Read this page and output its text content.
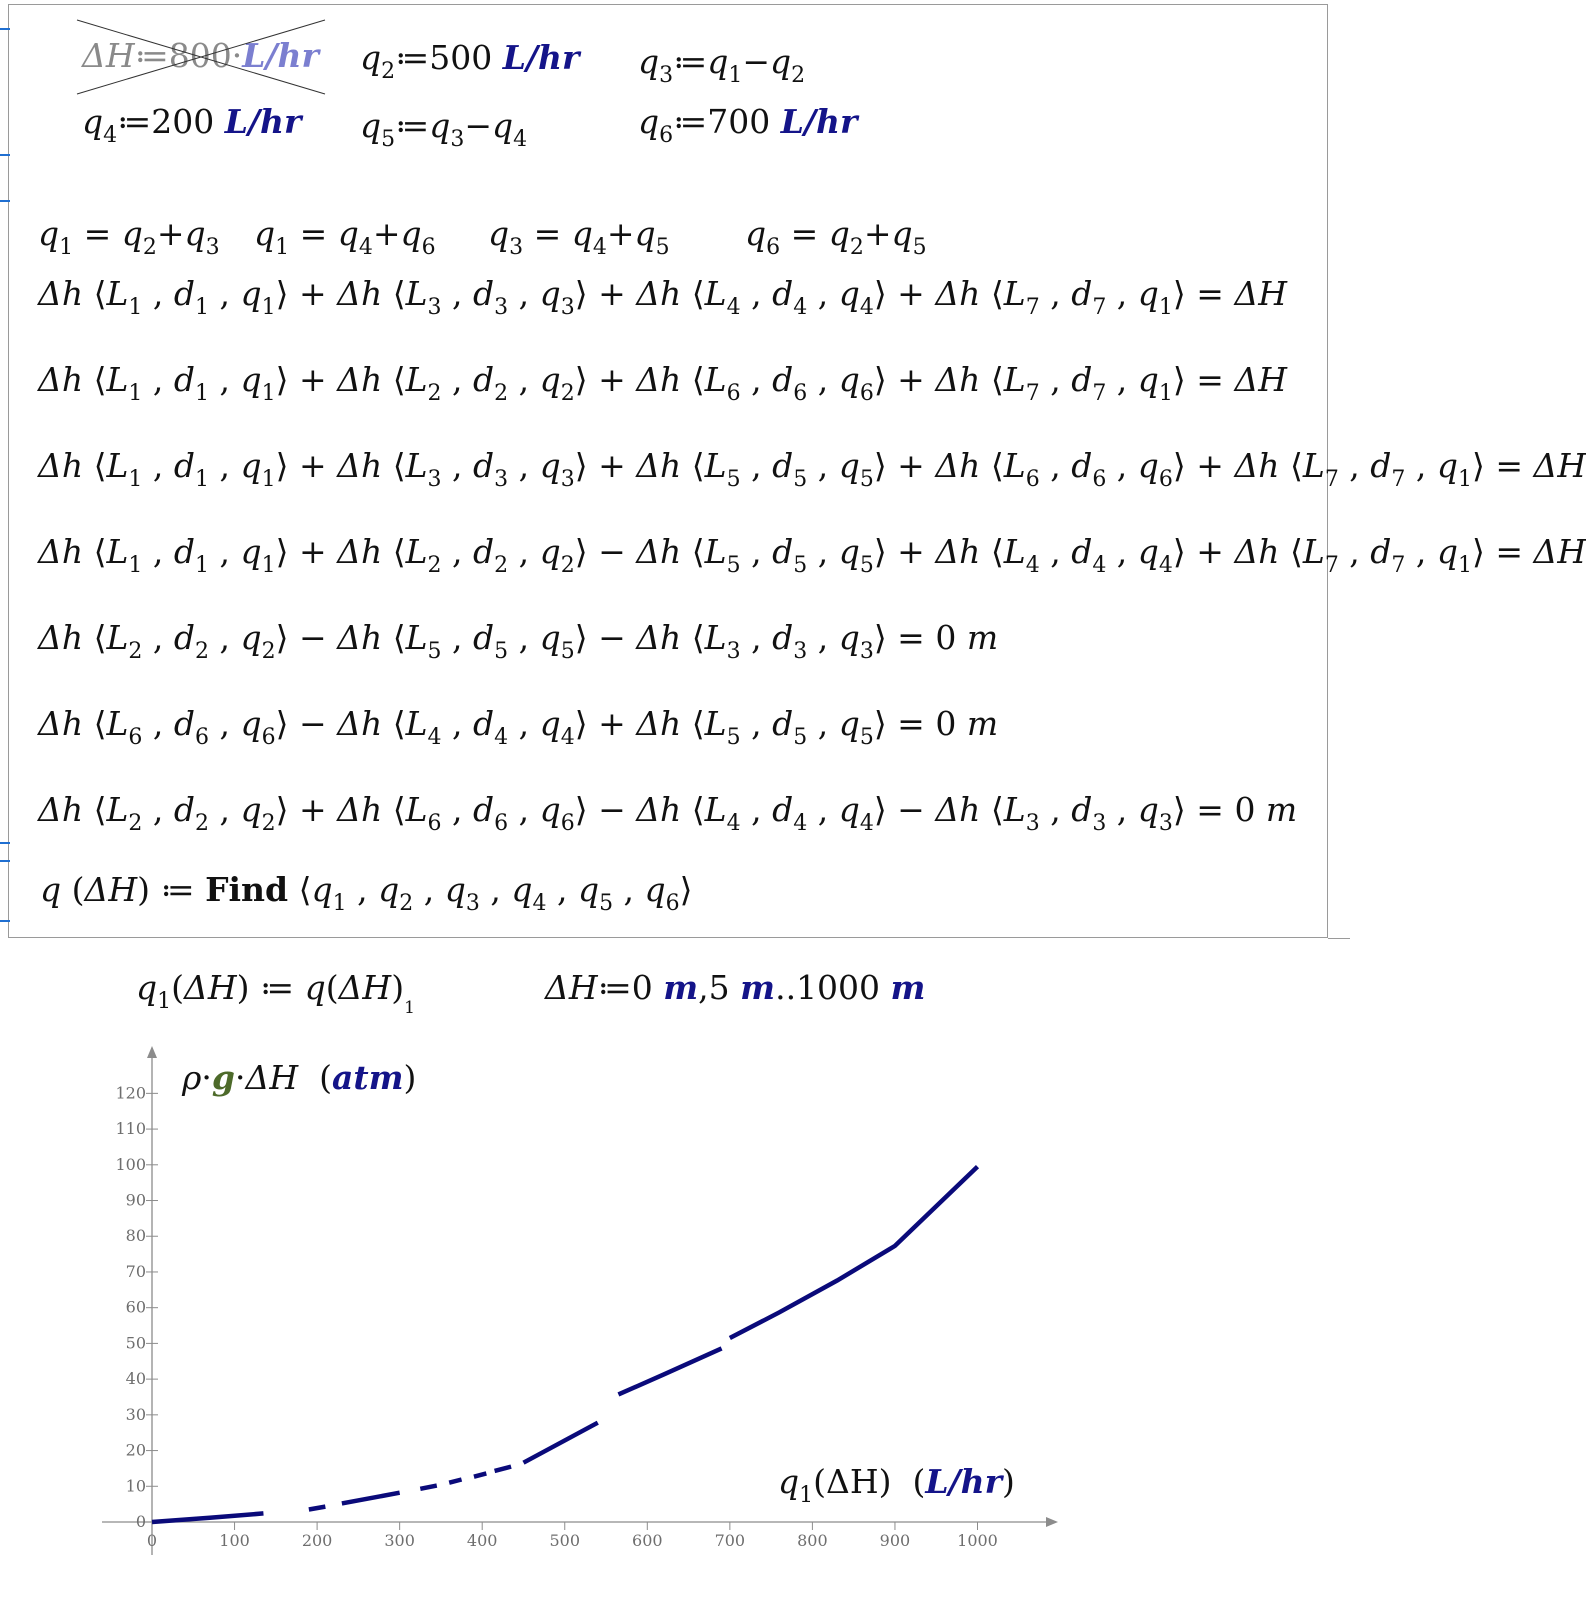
ΔH≔800·L/hr $q_2≔500$ L/hr $q_3≔q_1-q_2$
$q_4≔200$ L/hr $q_5≔q_3-q_4$	$q_6≔700$ L/hr
$q_1 = q_2+q_3$ $q_1 = q_4+q_6$ $q_3 = q_4+q_5$ $q_6 = q_2+q_5$
Δh $⟨L_1$ , $d_1$ , $q_1⟩ + \Delta h$ $⟨L_3$ , $d_3$ , $q_3⟩ + \Delta h$ $⟨L_4$ , $d_4$ , $q_4⟩ + \Delta h$ $⟨L_7$ , $d_7$ , $q_1⟩ = \Delta H$
Δh $⟨L_1$ , $d_1$ , $q_1⟩ + \Delta h$ $⟨L_2$ , $d_2$ , $q_2⟩ + \Delta h$ $⟨L_6$ , $d_6$ , $q_6⟩ + \Delta h$ $⟨L_7$ , $d_7$ , $q_1⟩ = \Delta H$
Δh $⟨L_1$ , $d_1$ , $q_1⟩ + \Delta h$ $⟨L_3$ , $d_3$ , $q_3⟩ + \Delta h$ $⟨L_5$ , $d_5$ , $q_5⟩ + \Delta h$ $⟨L_6$ , $d_6$ , $q_6⟩ + \Delta h$ $⟨L_7$ , $d_7$ , $q_1⟩ = \Delta H$
Δh $⟨L_1$ , $d_1$ , $q_1⟩ + \Delta h$ $⟨L_2$ , $d_2$ , $q_2⟩ - \Delta h$ $⟨L_5$ , $d_5$ , $q_5⟩ + \Delta h$ $⟨L_4$ , $d_4$ , $q_4⟩ + \Delta h$ $⟨L_7$ , $d_7$ , $q_1⟩ = \Delta H$
Δh $⟨L_2$ , $d_2$ , $q_2⟩ - \Delta h$ $⟨L_5$ , $d_5$ , $q_5⟩ - \Delta h$ $⟨L_3$ , $d_3$ , $q_3⟩ = 0$ m
Δh $⟨L_6$ , $d_6$ , $q_6⟩ - \Delta h$ $⟨L_4$ , $d_4$ , $q_4⟩ + \Delta h$ $⟨L_5$ , $d_5$ , $q_5⟩ = 0$ m
Δh $⟨L_2$ , $d_2$ , $q_2⟩ + \Delta h$ $⟨L_6$ , $d_6$ , $q_6⟩ - \Delta h$ $⟨L_4$ , $d_4$ , $q_4⟩ - \Delta h$ $⟨L_3$ , $d_3$ , $q_3⟩ = 0$ m
q (ΔH) ≔ Find $⟨q_1$ , $q_2$ , $q_3$ , $q_4$ , $q_5$ , $q_6⟩$
$q_1(\Delta H)$ ≔ $q(\Delta H)_1$
ΔH≔0 m,5 m..1000 m
0	100	200	300	400	500	600	700	800	900	1000
0
10
20
30
40
50
60
70
80
90
100
110
120 ρ·g·ΔH  (atm)
$q_1(\Delta H)$  (L/hr)
